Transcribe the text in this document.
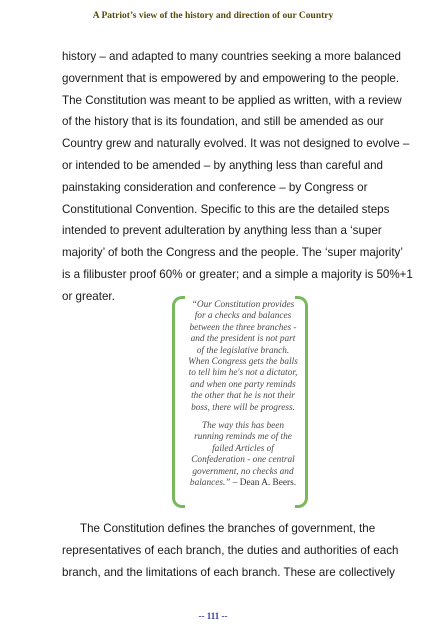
A Patriot’s view of the history and direction of our Country
history – and adapted to many countries seeking a more balanced
government that is empowered by and empowering to the people.
The Constitution was meant to be applied as written, with a review
of the history that is its foundation, and still be amended as our
Country grew and naturally evolved. It was not designed to evolve –
or intended to be amended – by anything less than careful and
painstaking consideration and conference – by Congress or
Constitutional Convention. Specific to this are the detailed steps
intended to prevent adulteration by anything less than a ‘super
majority’ of both the Congress and the people. The ‘super majority’
is a filibuster proof 60% or greater; and a simple a majority is 50%+1
or greater.
“Our Constitution provides
for a checks and balances
between the three branches -
and the president is not part
of the legislative branch.
When Congress gets the balls
to tell him he's not a dictator,
and when one party reminds
the other that he is not their
boss, there will be progress.
The way this has been
running reminds me of the
failed Articles of
Confederation - one central
government, no checks and
balances.” – Dean A. Beers.
The Constitution defines the branches of government, the
representatives of each branch, the duties and authorities of each
branch, and the limitations of each branch. These are collectively
-- 111 --
